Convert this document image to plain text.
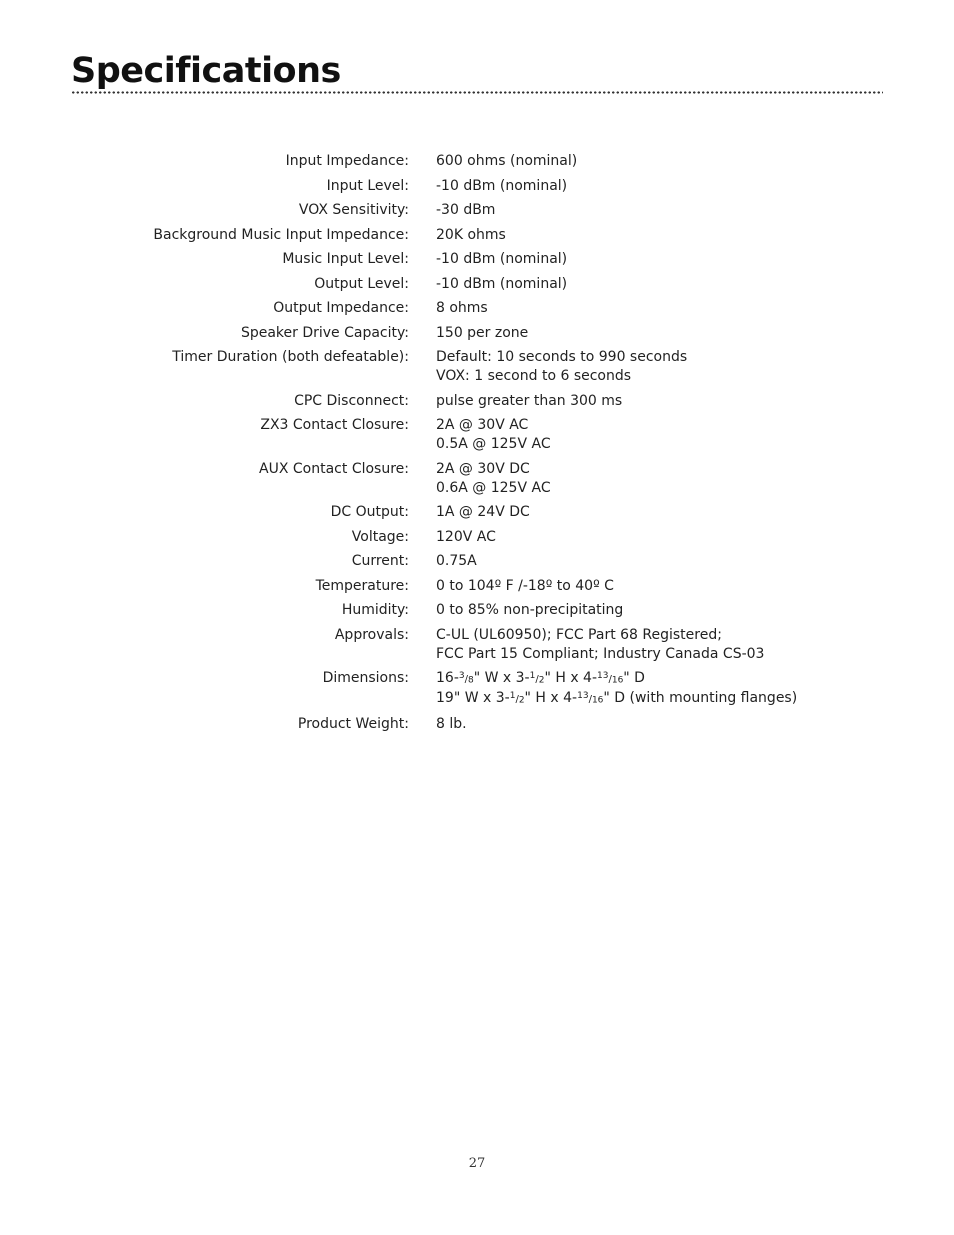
Specifications
Input Impedance: 600 ohms (nominal)
Input Level: -10 dBm (nominal)
VOX Sensitivity: -30 dBm
Background Music Input Impedance: 20K ohms
Music Input Level: -10 dBm (nominal)
Output Level: -10 dBm (nominal)
Output Impedance: 8 ohms
Speaker Drive Capacity: 150 per zone
Timer Duration (both defeatable): Default: 10 seconds to 990 seconds
VOX: 1 second to 6 seconds
CPC Disconnect: pulse greater than 300 ms
ZX3 Contact Closure: 2A @ 30V AC
0.5A @ 125V AC
AUX Contact Closure: 2A @ 30V DC
0.6A @ 125V AC
DC Output: 1A @ 24V DC
Voltage: 120V AC
Current: 0.75A
Temperature: 0 to 104º F /-18º to 40º C
Humidity: 0 to 85% non-precipitating
Approvals: C-UL (UL60950); FCC Part 68 Registered;
FCC Part 15 Compliant; Industry Canada CS-03
Dimensions: 16-$^3$/8" W x 3-$^1$/2" H x 4-$^{13}$/16" D
19" W x 3-$^1$/2" H x 4-$^{13}$/16" D (with mounting flanges)
Product Weight: 8 lb.
27
